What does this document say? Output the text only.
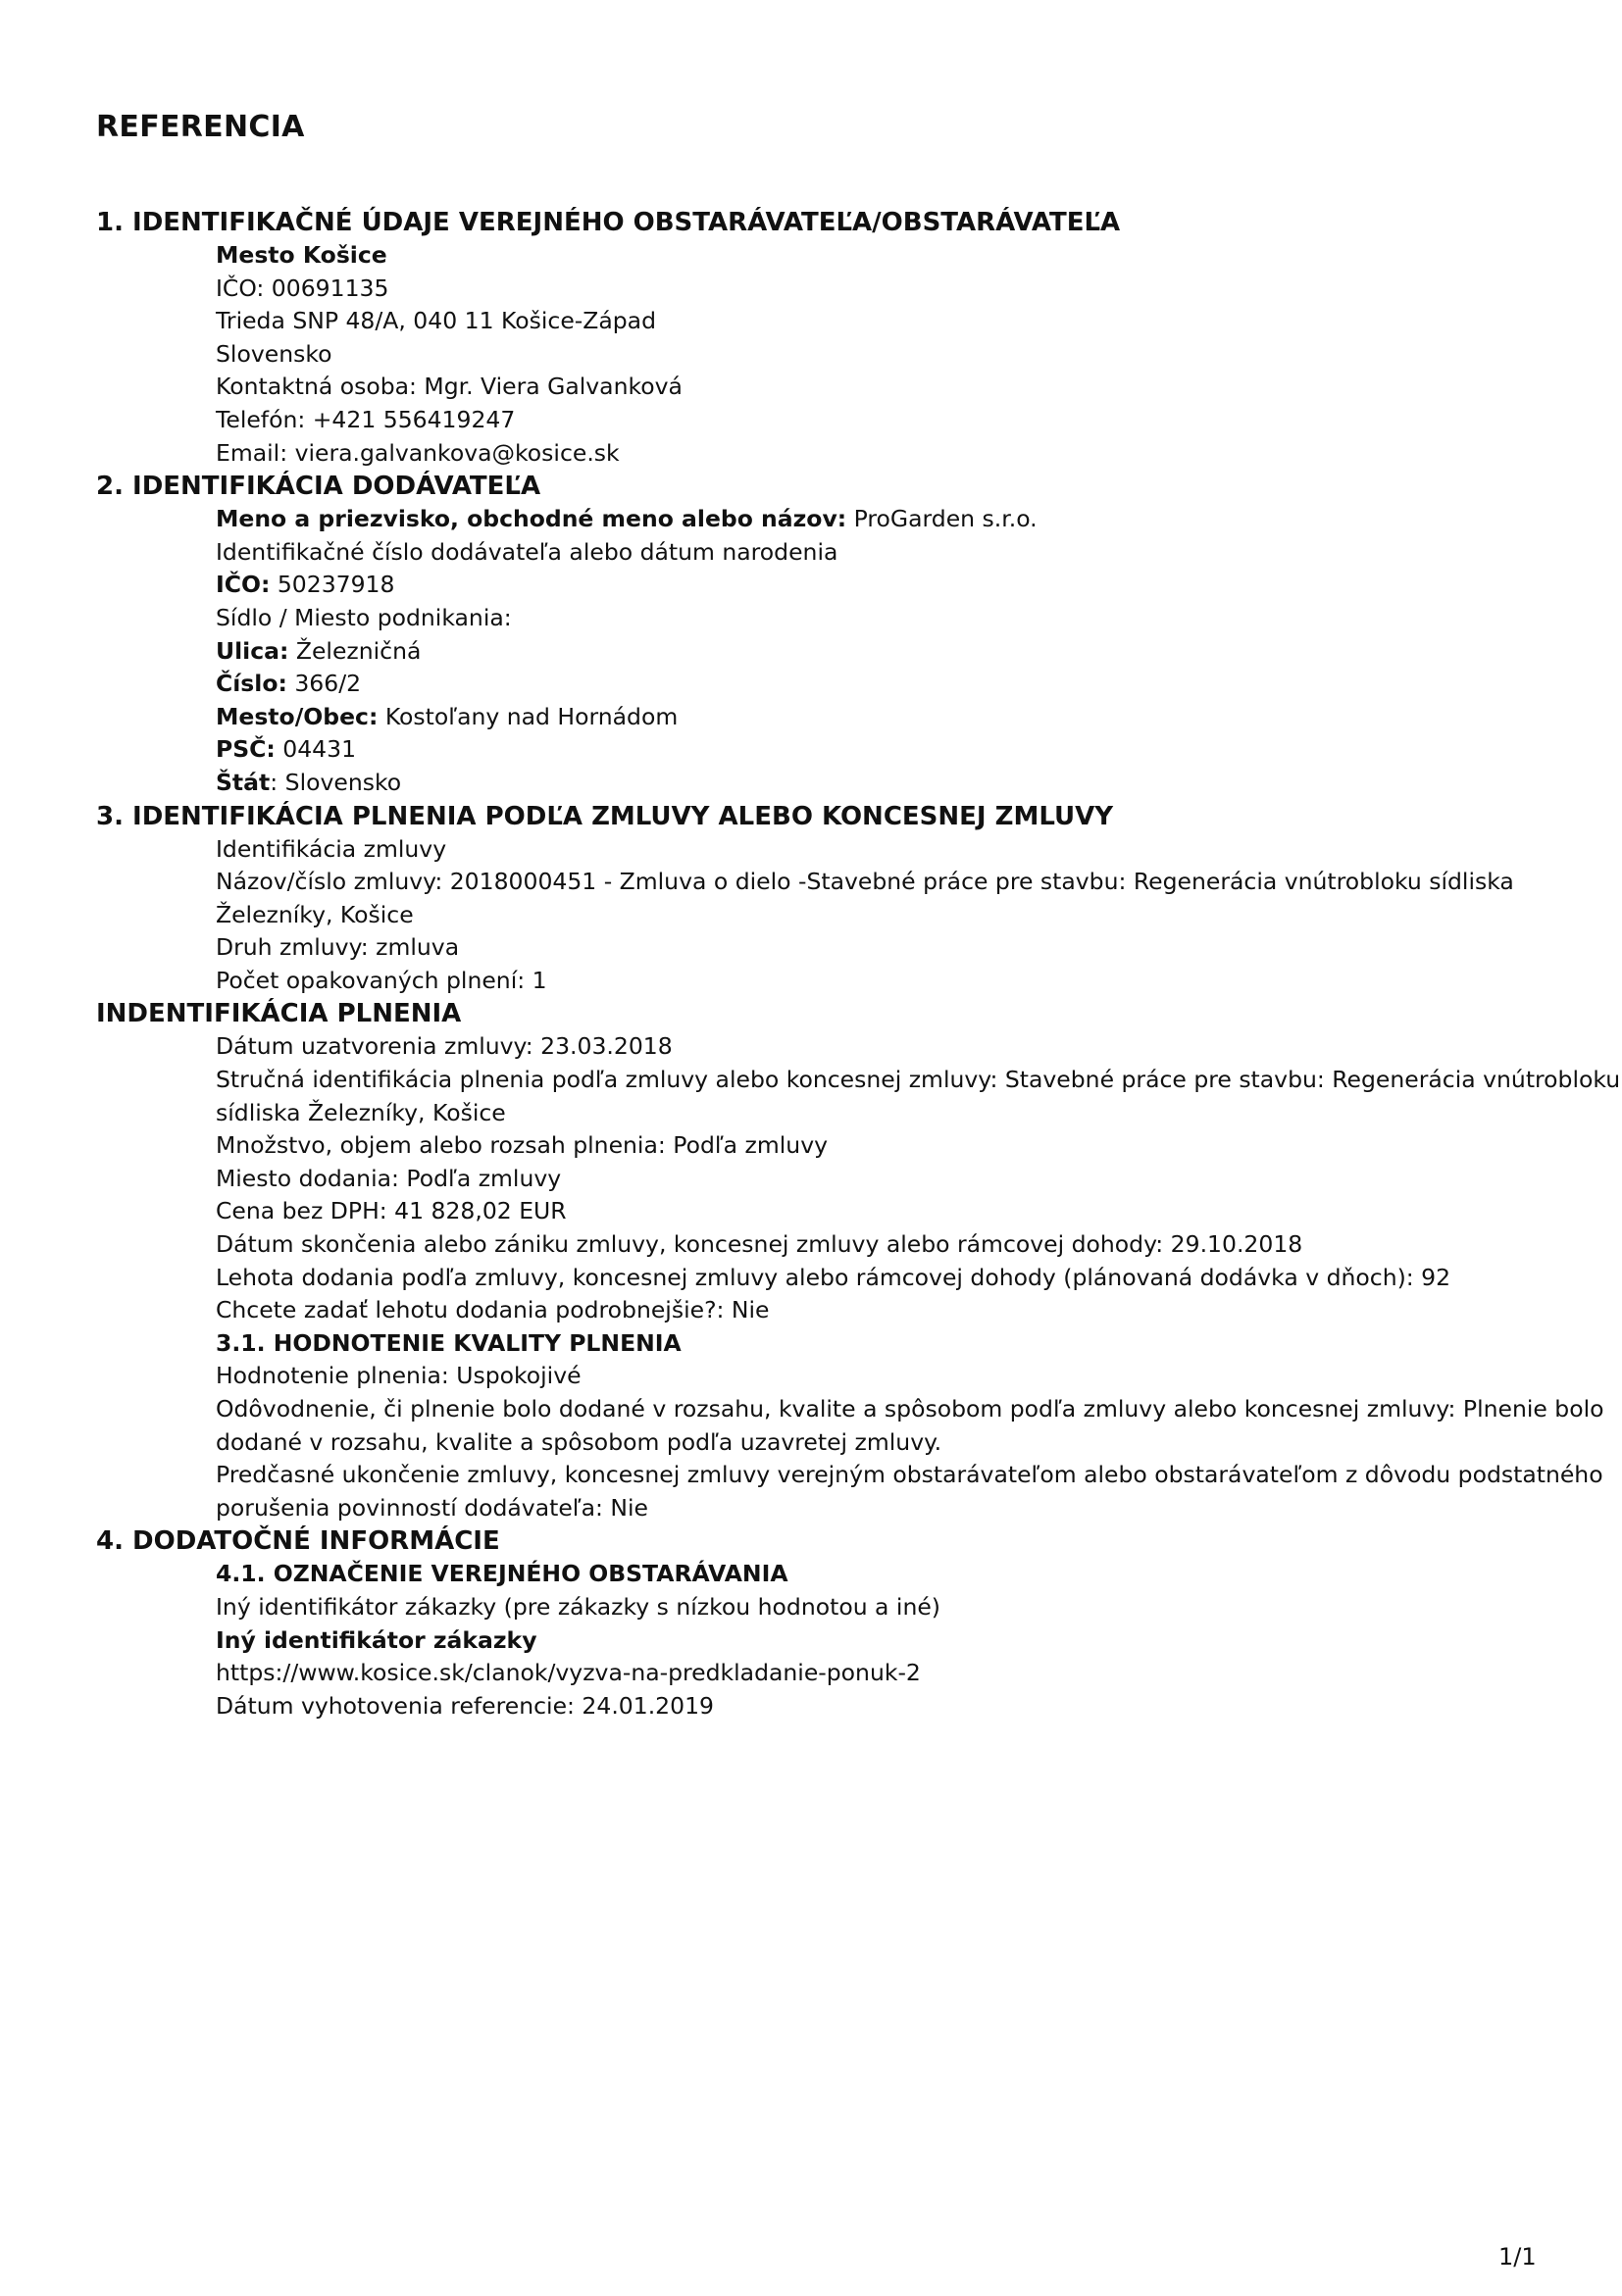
REFERENCIA
1. IDENTIFIKAČNÉ ÚDAJE VEREJNÉHO OBSTARÁVATEĽA/OBSTARÁVATEĽA
Mesto Košice
IČO: 00691135
Trieda SNP 48/A, 040 11 Košice-Západ
Slovensko
Kontaktná osoba: Mgr. Viera Galvanková
Telefón: +421 556419247
Email: viera.galvankova@kosice.sk
2. IDENTIFIKÁCIA DODÁVATEĽA
Meno a priezvisko, obchodné meno alebo názov: ProGarden s.r.o.
Identifikačné číslo dodávateľa alebo dátum narodenia
IČO: 50237918
Sídlo / Miesto podnikania:
Ulica: Železničná
Číslo: 366/2
Mesto/Obec: Kostoľany nad Hornádom
PSČ: 04431
Štát: Slovensko
3. IDENTIFIKÁCIA PLNENIA PODĽA ZMLUVY ALEBO KONCESNEJ ZMLUVY
Identifikácia zmluvy
Názov/číslo zmluvy: 2018000451 - Zmluva o dielo -Stavebné práce pre stavbu: Regenerácia vnútrobloku sídliska Železníky, Košice
Druh zmluvy: zmluva
Počet opakovaných plnení: 1
INDENTIFIKÁCIA PLNENIA
Dátum uzatvorenia zmluvy: 23.03.2018
Stručná identifikácia plnenia podľa zmluvy alebo koncesnej zmluvy: Stavebné práce pre stavbu: Regenerácia vnútrobloku sídliska Železníky, Košice
Množstvo, objem alebo rozsah plnenia: Podľa zmluvy
Miesto dodania: Podľa zmluvy
Cena bez DPH: 41 828,02 EUR
Dátum skončenia alebo zániku zmluvy, koncesnej zmluvy alebo rámcovej dohody: 29.10.2018
Lehota dodania podľa zmluvy, koncesnej zmluvy alebo rámcovej dohody (plánovaná dodávka v dňoch): 92
Chcete zadať lehotu dodania podrobnejšie?: Nie
3.1. HODNOTENIE KVALITY PLNENIA
Hodnotenie plnenia: Uspokojivé
Odôvodnenie, či plnenie bolo dodané v rozsahu, kvalite a spôsobom podľa zmluvy alebo koncesnej zmluvy: Plnenie bolo dodané v rozsahu, kvalite a spôsobom podľa uzavretej zmluvy.
Predčasné ukončenie zmluvy, koncesnej zmluvy verejným obstarávateľom alebo obstarávateľom z dôvodu podstatného porušenia povinností dodávateľa: Nie
4. DODATOČNÉ INFORMÁCIE
4.1. OZNAČENIE VEREJNÉHO OBSTARÁVANIA
Iný identifikátor zákazky (pre zákazky s nízkou hodnotou a iné)
Iný identifikátor zákazky
https://www.kosice.sk/clanok/vyzva-na-predkladanie-ponuk-2
Dátum vyhotovenia referencie: 24.01.2019
1/1
